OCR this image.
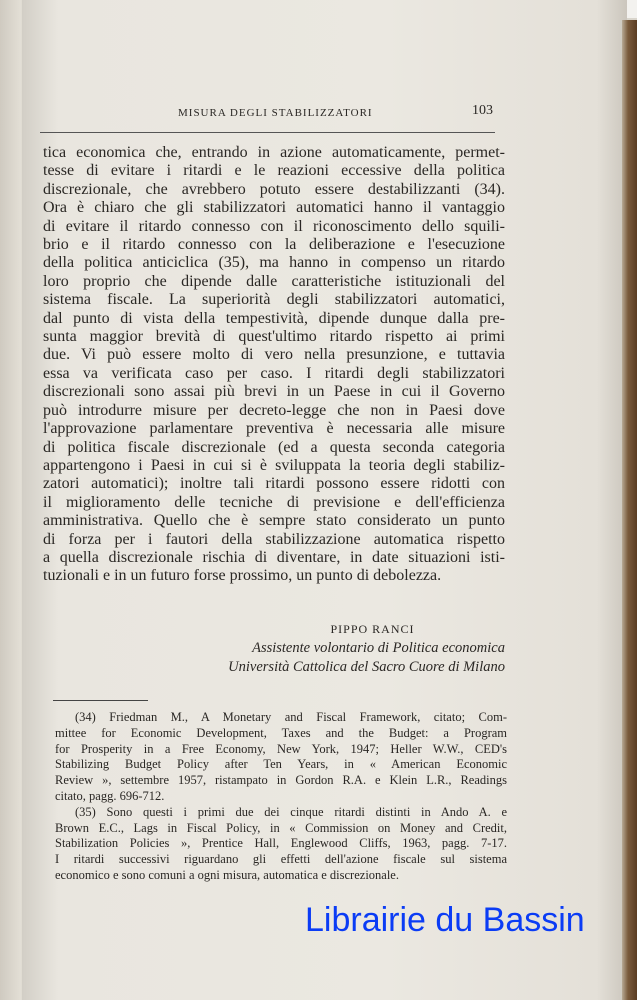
MISURA DEGLI STABILIZZATORI	103
tica economica che, entrando in azione automaticamente, permet-
tesse di evitare i ritardi e le reazioni eccessive della politica
discrezionale, che avrebbero potuto essere destabilizzanti (34).
Ora è chiaro che gli stabilizzatori automatici hanno il vantaggio
di evitare il ritardo connesso con il riconoscimento dello squili-
brio e il ritardo connesso con la deliberazione e l'esecuzione
della politica anticiclica (35), ma hanno in compenso un ritardo
loro proprio che dipende dalle caratteristiche istituzionali del
sistema fiscale. La superiorità degli stabilizzatori automatici,
dal punto di vista della tempestività, dipende dunque dalla pre-
sunta maggior brevità di quest'ultimo ritardo rispetto ai primi
due. Vi può essere molto di vero nella presunzione, e tuttavia
essa va verificata caso per caso. I ritardi degli stabilizzatori
discrezionali sono assai più brevi in un Paese in cui il Governo
può introdurre misure per decreto-legge che non in Paesi dove
l'approvazione parlamentare preventiva è necessaria alle misure
di politica fiscale discrezionale (ed a questa seconda categoria
appartengono i Paesi in cui si è sviluppata la teoria degli stabiliz-
zatori automatici); inoltre tali ritardi possono essere ridotti con
il miglioramento delle tecniche di previsione e dell'efficienza
amministrativa. Quello che è sempre stato considerato un punto
di forza per i fautori della stabilizzazione automatica rispetto
a quella discrezionale rischia di diventare, in date situazioni isti-
tuzionali e in un futuro forse prossimo, un punto di debolezza.
PIPPO RANCI
Assistente volontario di Politica economica
Università Cattolica del Sacro Cuore di Milano
(34) Friedman M., A Monetary and Fiscal Framework, citato; Com-
mittee for Economic Development, Taxes and the Budget: a Program
for Prosperity in a Free Economy, New York, 1947; Heller W.W., CED's
Stabilizing Budget Policy after Ten Years, in « American Economic
Review », settembre 1957, ristampato in Gordon R.A. e Klein L.R., Readings
citato, pagg. 696-712.
(35) Sono questi i primi due dei cinque ritardi distinti in Ando A. e
Brown E.C., Lags in Fiscal Policy, in « Commission on Money and Credit,
Stabilization Policies », Prentice Hall, Englewood Cliffs, 1963, pagg. 7-17.
I ritardi successivi riguardano gli effetti dell'azione fiscale sul sistema
economico e sono comuni a ogni misura, automatica e discrezionale.
Librairie du Bassin
